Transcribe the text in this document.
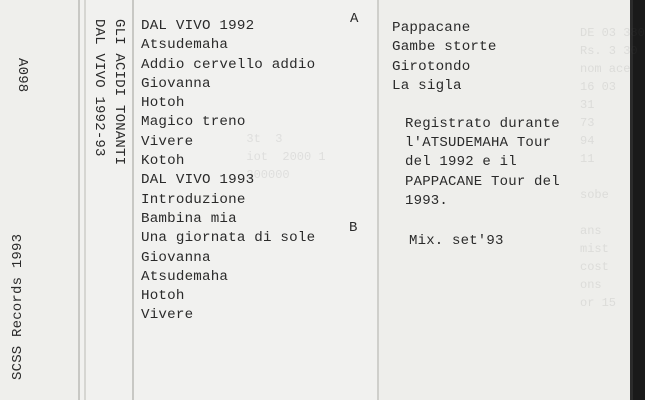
DE 03 380
Rs. 3 30
nom ace
16 03
31
73
94
11

sobe

ans
mist
cost
ons
or 15
3t  3
iot  2000 1
300000
A098
SCSS Records 1993
GLI ACIDI TONANTI
DAL VIVO 1992-93 DAL VIVO 1992
Atsudemaha
Addio cervello addio
Giovanna
Hotoh
Magico treno
Vivere
Kotoh
DAL VIVO 1993
Introduzione
Bambina mia
Una giornata di sole
Giovanna
Atsudemaha
Hotoh
Vivere
A
B
Pappacane
Gambe storte
Girotondo
La sigla
Registrato durante
l'ATSUDEMAHA Tour
del 1992 e il
PAPPACANE Tour del
1993.
Mix. set'93
